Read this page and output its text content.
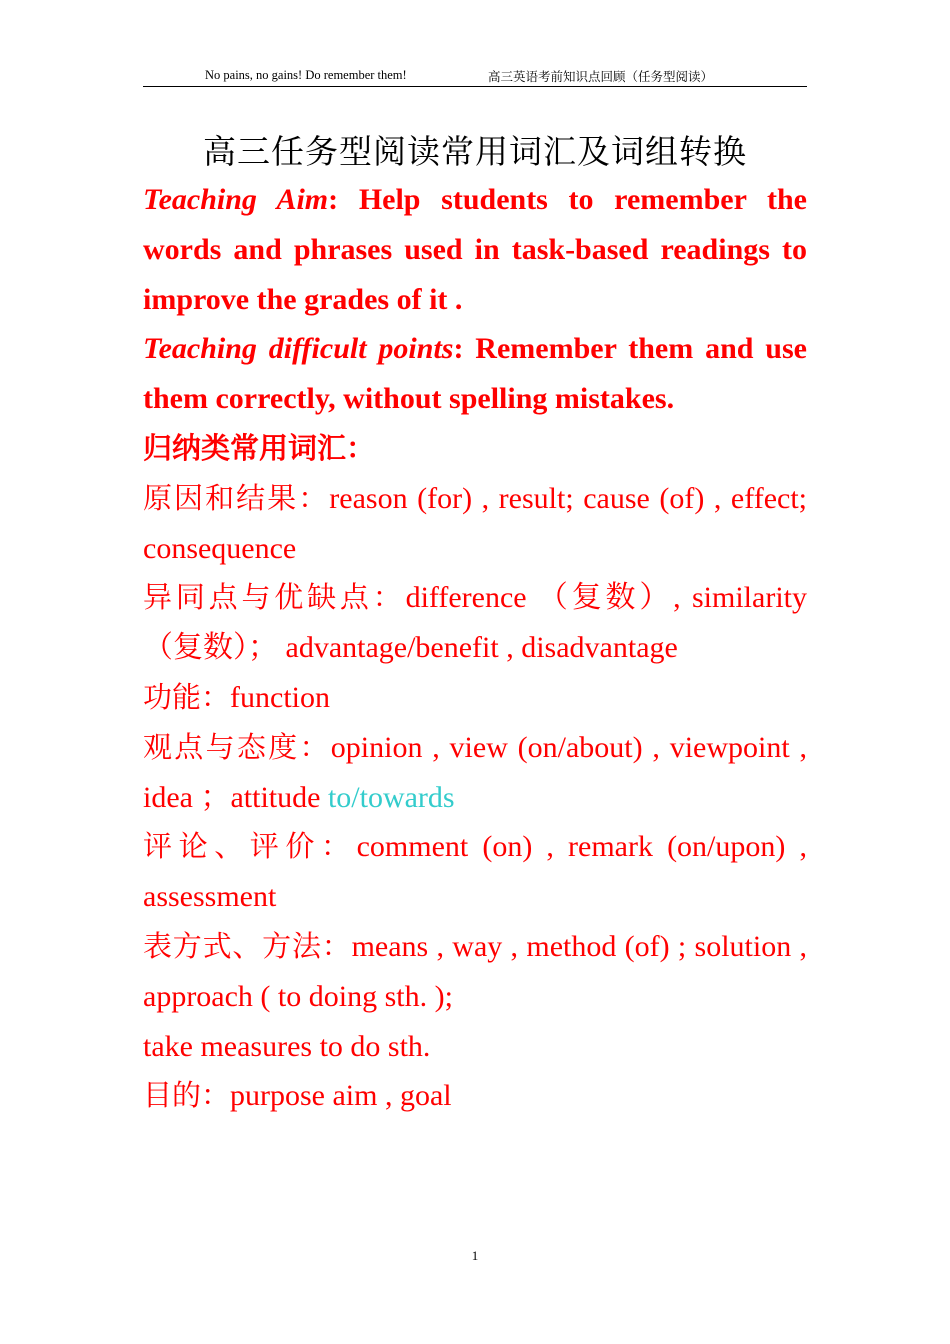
No pains, no gains! Do remember them!	高三英语考前知识点回顾（任务型阅读）
高三任务型阅读常用词汇及词组转换

Teaching Aim: Help students to remember the words and phrases used in task-based readings to improve the grades of it .

Teaching difficult points: Remember them and use them correctly, without spelling mistakes.

归纳类常用词汇：

原因和结果：reason (for) , result; cause (of) , effect; consequence

异同点与优缺点：difference （复数）, similarity （复数）； advantage/benefit , disadvantage

功能：function

观点与态度：opinion , view (on/about) , viewpoint , idea ；attitude to/towards

评论、评价：comment (on) , remark (on/upon) , assessment

表方式、方法：means , way , method (of) ; solution , approach ( to doing sth. );

take measures to do sth.

目的：purpose aim , goal

1
